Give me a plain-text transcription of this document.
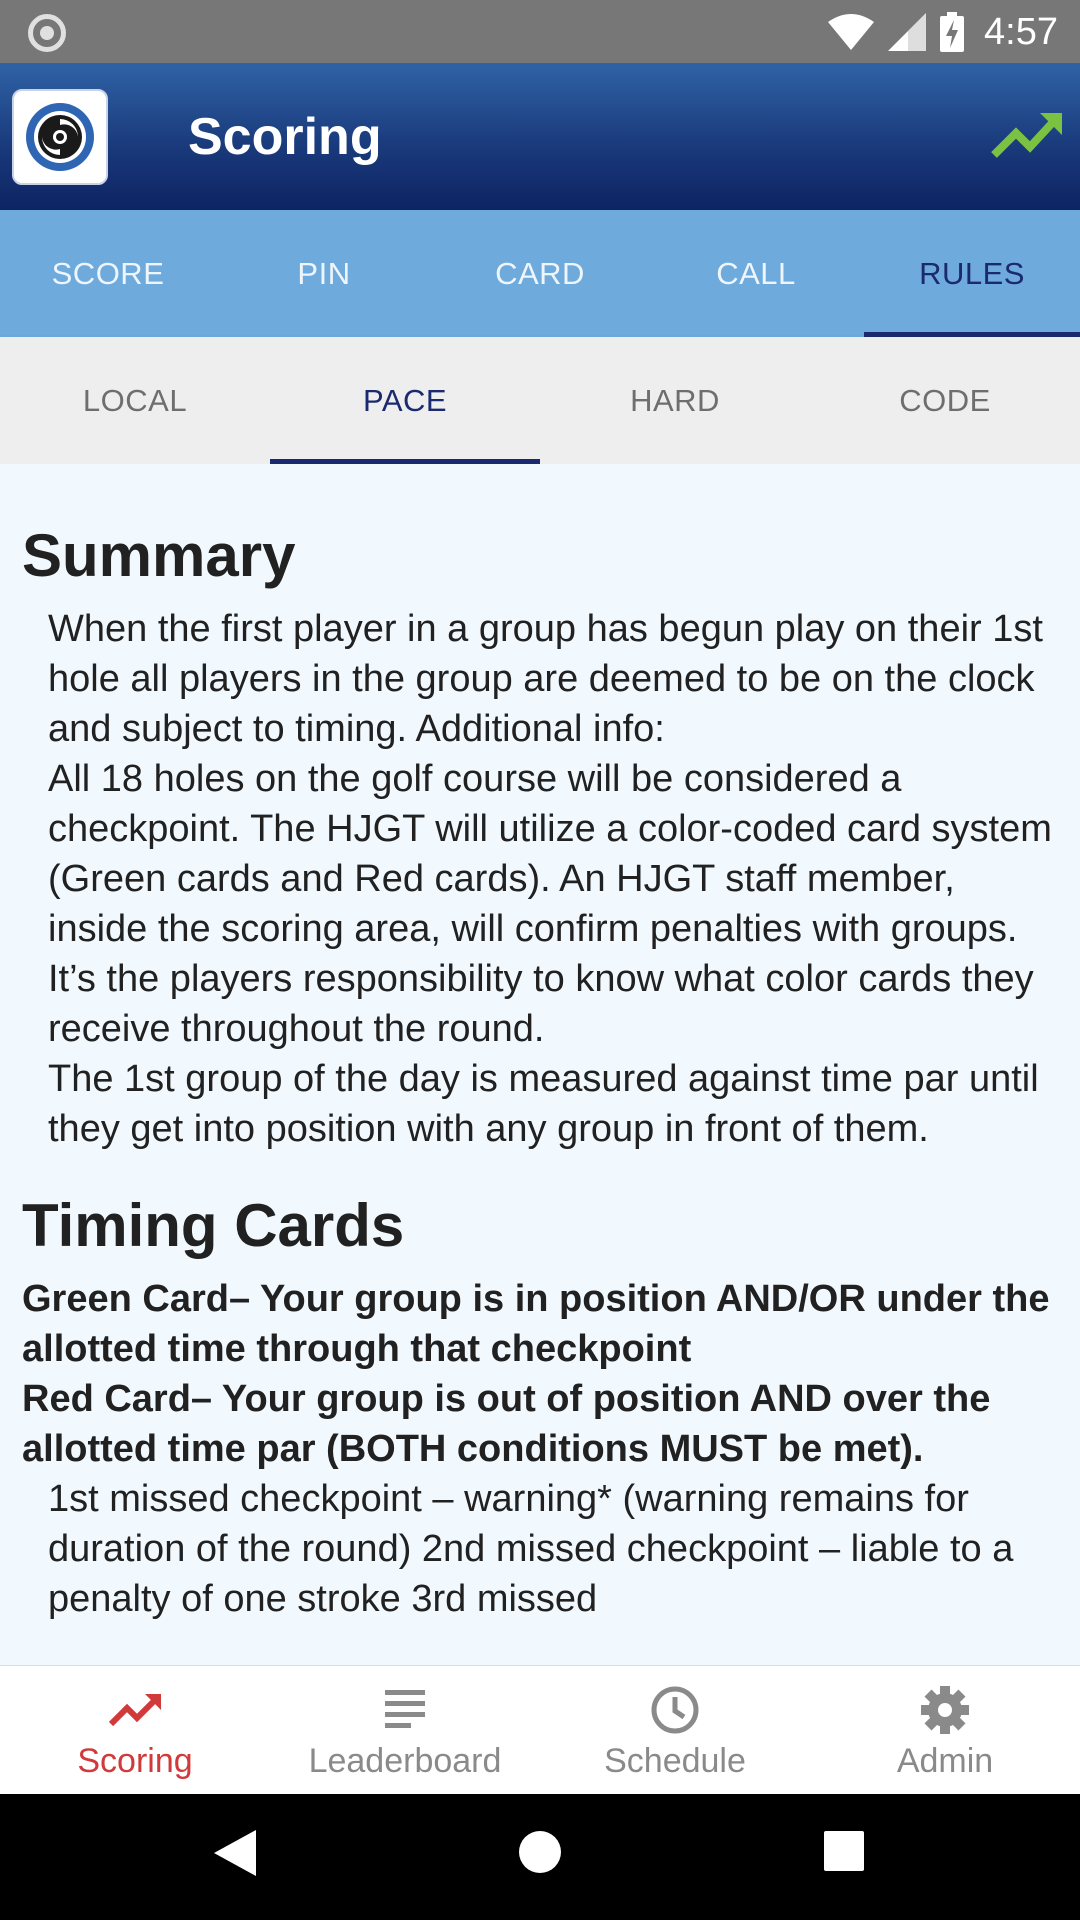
4:57
Scoring
SCORE	PIN	CARD	CALL	RULES
LOCAL	PACE	HARD	CODE
Summary

When the first player in a group has begun play on their 1st hole all players in the group are deemed to be on the clock and subject to timing. Additional info:

All 18 holes on the golf course will be considered a checkpoint. The HJGT will utilize a color-coded card system (Green cards and Red cards). An HJGT staff member, inside the scoring area, will confirm penalties with groups. It’s the players responsibility to know what color cards they receive throughout the round.

The 1st group of the day is measured against time par until they get into position with any group in front of them.

Timing Cards

Green Card– Your group is in position AND/OR under the allotted time through that checkpoint

Red Card– Your group is out of position AND over the allotted time par (BOTH conditions MUST be met).

1st missed checkpoint – warning* (warning remains for duration of the round) 2nd missed checkpoint – liable to a penalty of one stroke 3rd missed

Scoring	Leaderboard	Schedule	Admin
